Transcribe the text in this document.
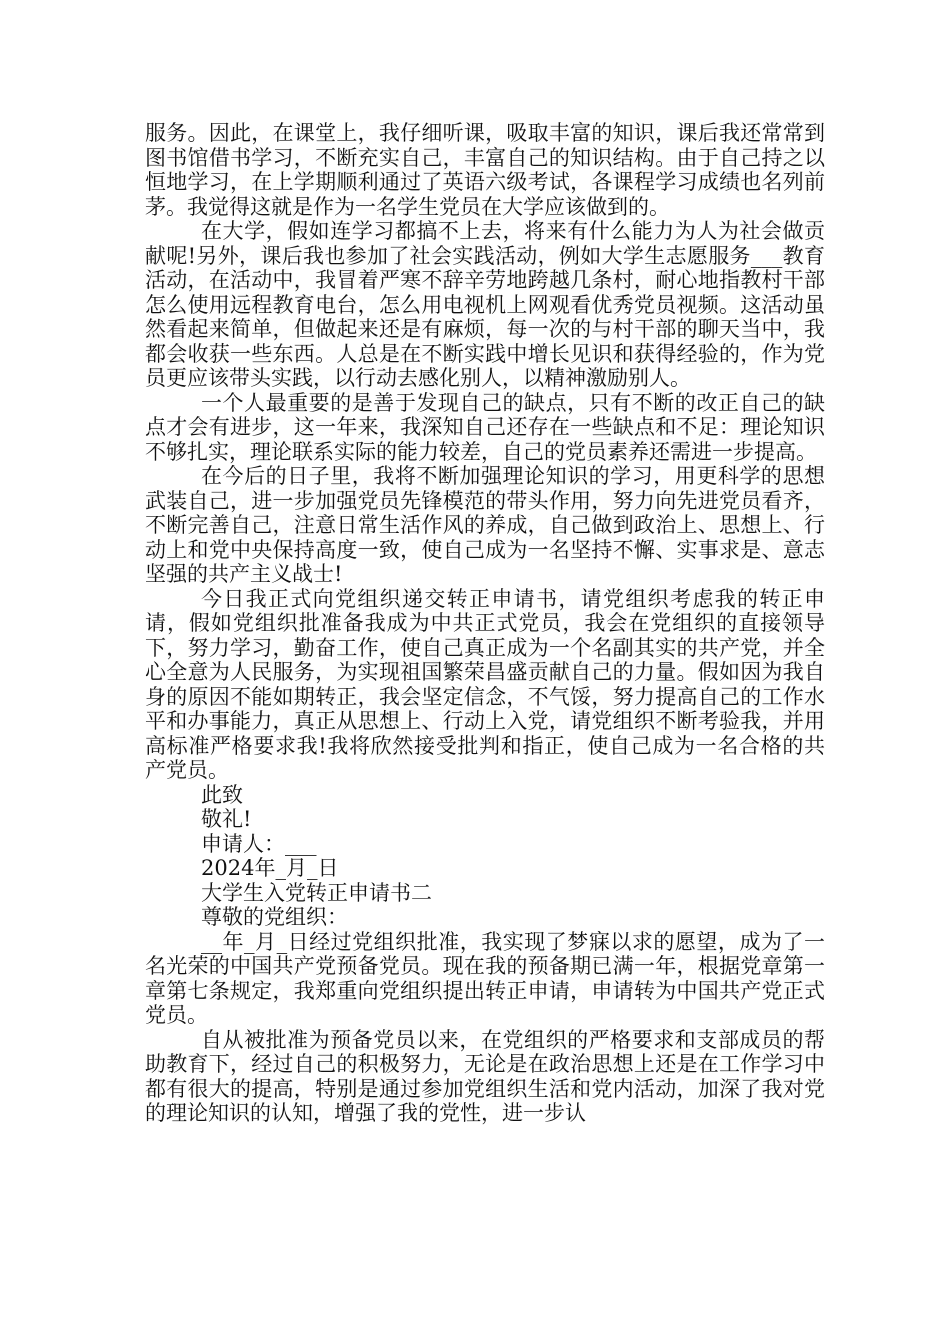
服务。因此，在课堂上，我仔细听课，吸取丰富的知识，课后我还常常到图书馆借书学习，不断充实自己，丰富自己的知识结构。由于自己持之以恒地学习，在上学期顺利通过了英语六级考试，各课程学习成绩也名列前茅。我觉得这就是作为一名学生党员在大学应该做到的。

在大学，假如连学习都搞不上去，将来有什么能力为人为社会做贡献呢!另外，课后我也参加了社会实践活动，例如大学生志愿服务___教育活动，在活动中，我冒着严寒不辞辛劳地跨越几条村，耐心地指教村干部怎么使用远程教育电台，怎么用电视机上网观看优秀党员视频。这活动虽然看起来简单，但做起来还是有麻烦，每一次的与村干部的聊天当中，我都会收获一些东西。人总是在不断实践中增长见识和获得经验的，作为党员更应该带头实践，以行动去感化别人，以精神激励别人。

一个人最重要的是善于发现自己的缺点，只有不断的改正自己的缺点才会有进步，这一年来，我深知自己还存在一些缺点和不足：理论知识不够扎实，理论联系实际的能力较差，自己的党员素养还需进一步提高。

在今后的日子里，我将不断加强理论知识的学习，用更科学的思想武装自己，进一步加强党员先锋模范的带头作用，努力向先进党员看齐，不断完善自己，注意日常生活作风的养成，自己做到政治上、思想上、行动上和党中央保持高度一致，使自己成为一名坚持不懈、实事求是、意志坚强的共产主义战士!

今日我正式向党组织递交转正申请书，请党组织考虑我的转正申请，假如党组织批准备我成为中共正式党员，我会在党组织的直接领导下，努力学习，勤奋工作，使自己真正成为一个名副其实的共产党，并全心全意为人民服务，为实现祖国繁荣昌盛贡献自己的力量。假如因为我自身的原因不能如期转正，我会坚定信念，不气馁，努力提高自己的工作水平和办事能力，真正从思想上、行动上入党，请党组织不断考验我，并用高标准严格要求我!我将欣然接受批判和指正，使自己成为一名合格的共产党员。

此致
敬礼!
申请人：___
2024年_月_日
大学生入党转正申请书二
尊敬的党组织：

__年_月_日经过党组织批准，我实现了梦寐以求的愿望，成为了一名光荣的中国共产党预备党员。现在我的预备期已满一年，根据党章第一章第七条规定，我郑重向党组织提出转正申请，申请转为中国共产党正式党员。

自从被批准为预备党员以来，在党组织的严格要求和支部成员的帮助教育下，经过自己的积极努力，无论是在政治思想上还是在工作学习中都有很大的提高，特别是通过参加党组织生活和党内活动，加深了我对党的理论知识的认知，增强了我的党性，进一步认
